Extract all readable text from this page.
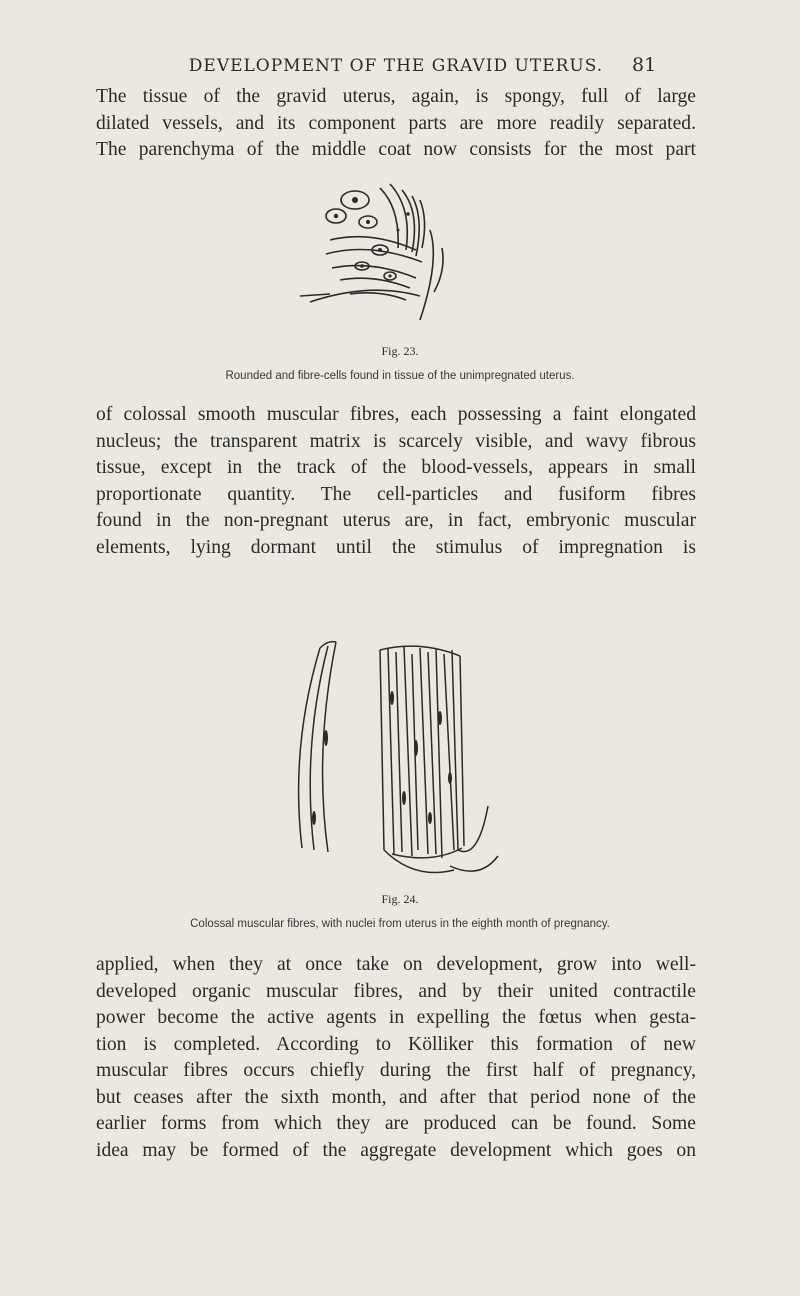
DEVELOPMENT OF THE GRAVID UTERUS.	81
The tissue of the gravid uterus, again, is spongy, full of large
dilated vessels, and its component parts are more readily separated.
The parenchyma of the middle coat now consists for the most part
Fig. 23.
Rounded and fibre-cells found in tissue of the unimpregnated uterus.
of colossal smooth muscular fibres, each possessing a faint elongated
nucleus; the transparent matrix is scarcely visible, and wavy fibrous
tissue, except in the track of the blood-vessels, appears in small
proportionate quantity. The cell-particles and fusiform fibres
found in the non-pregnant uterus are, in fact, embryonic muscular
elements, lying dormant until the stimulus of impregnation is
Fig. 24.
Colossal muscular fibres, with nuclei from uterus in the eighth month of pregnancy.
applied, when they at once take on development, grow into well-
developed organic muscular fibres, and by their united contractile
power become the active agents in expelling the fœtus when gesta-
tion is completed. According to Kölliker this formation of new
muscular fibres occurs chiefly during the first half of pregnancy,
but ceases after the sixth month, and after that period none of the
earlier forms from which they are produced can be found. Some
idea may be formed of the aggregate development which goes on
